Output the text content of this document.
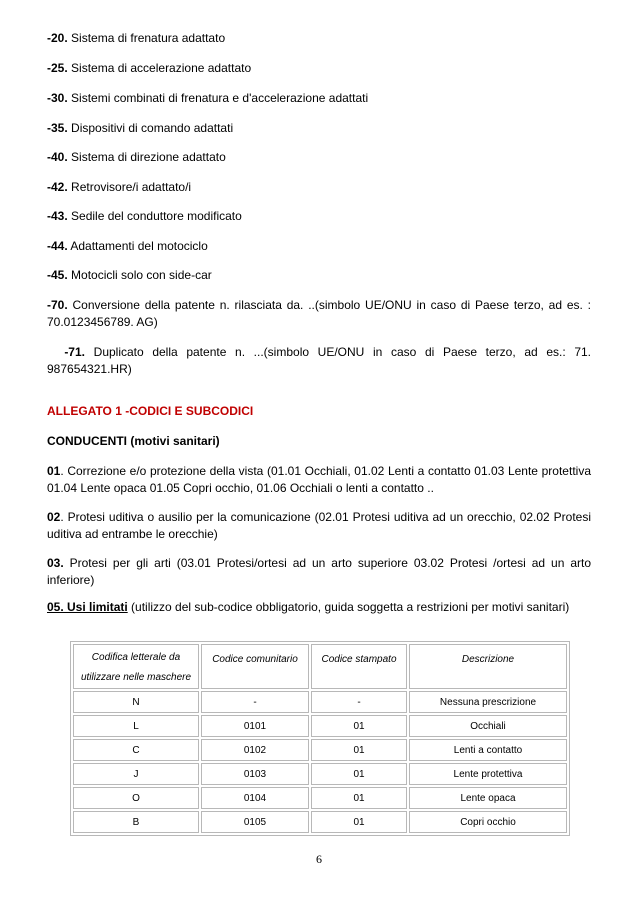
-20. Sistema di frenatura adattato

-25. Sistema di accelerazione adattato

-30. Sistemi combinati di frenatura e d'accelerazione adattati

-35. Dispositivi di comando adattati

-40. Sistema di direzione adattato

-42. Retrovisore/i adattato/i

-43. Sedile del conduttore modificato

-44. Adattamenti del motociclo

-45. Motocicli solo con side-car

-70. Conversione della patente n. rilasciata da. ..(simbolo UE/ONU in caso di Paese terzo, ad es. : 70.0123456789. AG)

-71. Duplicato della patente n. ...(simbolo UE/ONU in caso di Paese terzo, ad es.: 71. 987654321.HR)

ALLEGATO 1 -CODICI E SUBCODICI

CONDUCENTI (motivi sanitari)

01. Correzione e/o protezione della vista (01.01 Occhiali, 01.02 Lenti a contatto 01.03 Lente protettiva 01.04 Lente opaca 01.05 Copri occhio, 01.06 Occhiali o lenti a contatto ..

02. Protesi uditiva o ausilio per la comunicazione (02.01 Protesi uditiva ad un orecchio, 02.02 Protesi uditiva ad entrambe le orecchie)

03. Protesi per gli arti (03.01 Protesi/ortesi ad un arto superiore 03.02 Protesi /ortesi ad un arto inferiore)

05. Usi limitati (utilizzo del sub-codice obbligatorio, guida soggetta a restrizioni per motivi sanitari)

Codifica letterale da utilizzare nelle maschere	Codice comunitario	Codice stampato	Descrizione
N	-	-	Nessuna prescrizione
L	0101	01	Occhiali
C	0102	01	Lenti a contatto
J	0103	01	Lente protettiva
O	0104	01	Lente opaca
B	0105	01	Copri occhio
6
